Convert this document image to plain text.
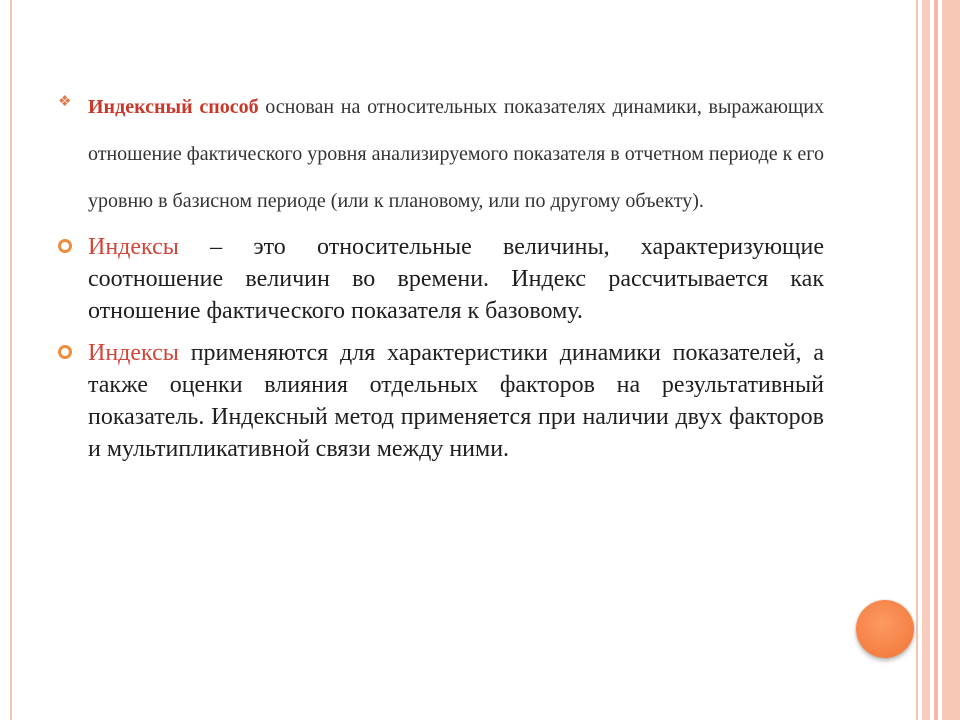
❖ Индексный способ основан на относительных показателях динамики, выражающих отношение фактического уровня анализируемого показателя в отчетном периоде к его уровню в базисном периоде (или к плановому, или по другому объекту).
Индексы – это относительные величины, характеризующие соотношение величин во времени. Индекс рассчитывается как отношение фактического показателя к базовому.
Индексы применяются для характеристики динамики показателей, а также оценки влияния отдельных факторов на результативный показатель. Индексный метод применяется при наличии двух факторов и мультипликативной связи между ними.
